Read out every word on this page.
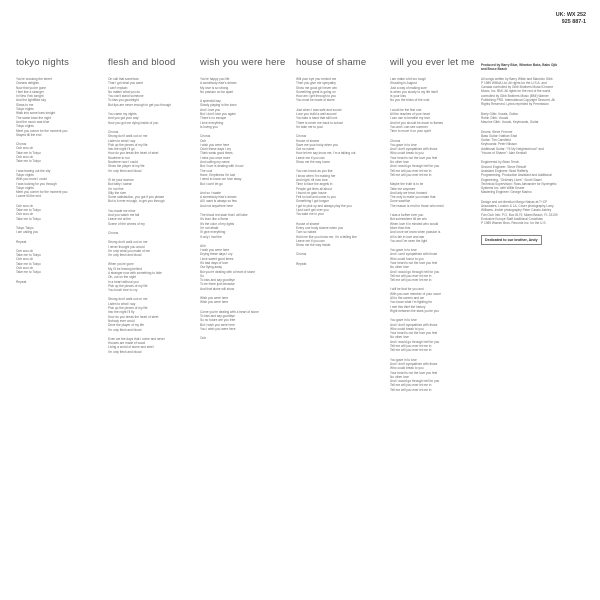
UK: WX 252
925 887-1
tokyo nights

You're crossing the street
Oceans delights
Now that you're gone
I feel like a stranger
In New York tonight
And the lightfilled sky
Slows to me
Tokyo nights
Walk into some bars tonight
The same town the night
And the moon was blue
Tokyo nights
Meet you corner for the moment you
Stayed till the end

Chorus
Ooh woo oh
Take me to Tokyo
Ooh woo oh
Take me to Tokyo

I was tearing out the city
Tokyo nights
With you more I could
I was looking for you through
Tokyo nights
Meet you corner for the moment you
I came till the end

Ooh woo oh
Take me to Tokyo
Ooh woo oh
Take me to Tokyo

Tokyo Tokyo
I am calling you

Repeat

Ooh woo oh
Take me to Tokyo
Ooh woo oh
Take me to Tokyo
Ooh woo oh
Take me to Tokyo

Repeat

flesh and blood

On call that somehow
That I got what you want
I can't explain
No matter what you do
You can't stand someone
To kiss you goodnight
But tips are never enough to get you through

You came my nights
And you got your way
Now you got me dying inside of you

Chorus
Strong don't walk out on me
Listen to what I say
Pick up the pieces of my life
Into the night I'll go
How do you break the heart of steel
Nowhere to run
Nowhere now I could
Show the player of my life
I'm only flesh and blood

I'll be your woman
But baby I swear
I'm not fine
Silly the river
Some satisfaction, you got if you please
But is it ever enough, to get you through

You made me mine
And you watch me fall
Leave me at the
Scene of the crimes of my

Chorus

Strong don't walk out on me
I never thought you would
I'm only what you make of me
I'm only flesh and blood

When you're gone
My I'll be leaving behind
A stranger now with something to hide
Oh, out on the night
In a heart without you
Pick up the pieces of my life
You touch love to cry

Strong don't walk out on me
Listen to what I say
Pick up the pieces of my life
Into the night I'll fly
How do you break the heart of steel
Nobody ever could
Drive the player of my life
I'm only flesh and blood

Even we the days that I come and never
Houses are made of wood
Living a world of stone and steel
I'm only flesh and blood

wish you were here

You're happy you life
A somebody else's dream
My love is so strong
No passion on far apart

A splendid bay
Slowly playing in the town
And I love you
But I don't love you again
There's no escape
I love everything
Is loving you

Chorus
Ooh
I wish you were here
Oooh these days I cry
Think weak good times
I miss you once more
And calling my name
But I love is dealing with it now
The cool
Have, Emptiness I'm lost
I need to know our love away
But I can't let go

And so I waste
A somebody else's dream
All I want is always so few
And not anywhere here

The blood red stain that I will take
It's burn like a flame
It's the color of my lights
I'm not afraid
I'll give everything
If only I had the

Ahh
I wish you were here
Drying these days I cry
I love sweet good times
It's bad days of love
Our flying away
But you're dealing with a heart of stone
So
To kiss and say goodbye
To be there just because
And that alone will show

Wish you were here
Wish you were here

Come you're dealing with a heart of stone
To kiss and say goodbye
So no future are you free
But I wish you were here
You I wish you were here

Ooh

house of shame

Will your eye you remind me
Then you give me sympathy
Show me good girl never win
Something great is going on
How am I get through to you
You must be made of stone

Just when I was safe and sound
Love you build a wall around
You take a hand that still love
There is never me back to school
I'm take me to pool

Chorus
House of shame
Save me your body when you
Got no name
How let me say know me, I'm a talking out
Leave me if you can
Show me the way home

You can knock as you like
I know when I'm making her
And night, till now love
Time to face the angels in
People got lines all about
I found no gain house
Fell no ball and come to you
Something I got tongue
I got to pick up and always play the you
I just can't get over you
You take me in your

House of shame
Every one body shame when you
Turn so naked
Hold me like you know me, I'm a falling line
Leave me if you can
Show me the way inside

Chorus

Repeat

will you ever let me

I am make a bit too tough
Shouting in August
Just a way of making sure
Is when you slowly to my life itself
Is your kiss
No you the tricks of the cost

I could be the first one
All the reaches of your heart
I can use to breathe my love
And let you should be down to flames
You and I can see summer
Time to move it on your spirit

Chorus
You gave in to love
And I don't sympathize with those
Who could break to you
Your heart is not the love you feel
No other love
And I would go through hell for you
Tell me will you ever let me in
Tell me will you ever let me in

Maybe the truth is to be
Take me anymore
And lady we treat, forward
The only to make you make that
Done sacrifice
The reason is end for those who need

I was a further ever you
But somewhere till we win
When love it in minded who would
More than this
And once we know when passion is
All is fair in love and war
You and I've seen the light

You gave in to love
And I can't sympathize with those
Who could honor to you
Your heart is not the love you feel
No other love
And I would go through hell for you
Tell me will you ever let me in
Tell me will you ever let me in

I will be that for you and
With you own member of your score
All to the screen and we
You know what I'm fighting for
I met this thief the history
Right between the stars you're you

You gave in to love
And I don't sympathize with those
Who could break to you
Your heart is not the love you feel
No other love
And I would go through hell for you
Tell me will you ever let me in
Tell me will you ever let me in

You gave in to love
And I don't sympathize with those
Who could break to you
Your heart is not the love you feel
No other love
And I would go through hell for you
Tell me will you ever let me in
Tell me will you ever let me in

Produced by Barry Blue, Wharton Baks, Babs Ojib
and Bruce Beach

All songs written by Barry Wilde and Mauricio Gibb
P 1989 WBNA Ltd. All rights for the U.S.A. and
Canada controlled by Gibb Brothers Music/Chrome
Music, Inc. BMI. All rights for the rest of the world,
controlled by Gibb Brothers Music (BMI) Warner
Publishing PRS. International Copyright Secured. All
Rights Reserved. Lyrics reprinted by Permission

Barry Gibb: Vocals, Guitar
Robin Gibb: Vocals
Maurice Gibb: Vocals, Keyboards, Guitar

Drums: Steve Ferrone
Bass Guitar: Nathan East
Guitar: Tim Cansfield
Keyboards: Peter Nilsson
Additional Guitar: "I'll My Neighborhood" and
"House of Shame": Alan Kendall

Engineered by Brian Tench
Second Engineer: Steve Rinkoff
Assistant Engineer: Brad Rafferty
Programming, Production Assistant and Additional
Engineering, "Ordinary Lives": Scott Glasel
Technical Supervision: Ross Alexander for Synergetic
Systems Inc. with Willie Keane
Mastering Engineer: George Marino

Design and art direction Margo Nahas at T+CP
Associates, London & LA. Cover photography Larry
Williams. Inside photography Peter Cassio Ashley
Fan Club Info: P.O. Box 8179, Miami Beach, FL 33139
Exclusive Europe Staff Additional Crowthaw
P 1989 Warner Bros. Records Inc. for the U.S.

Dedicated to our brother, Andy
